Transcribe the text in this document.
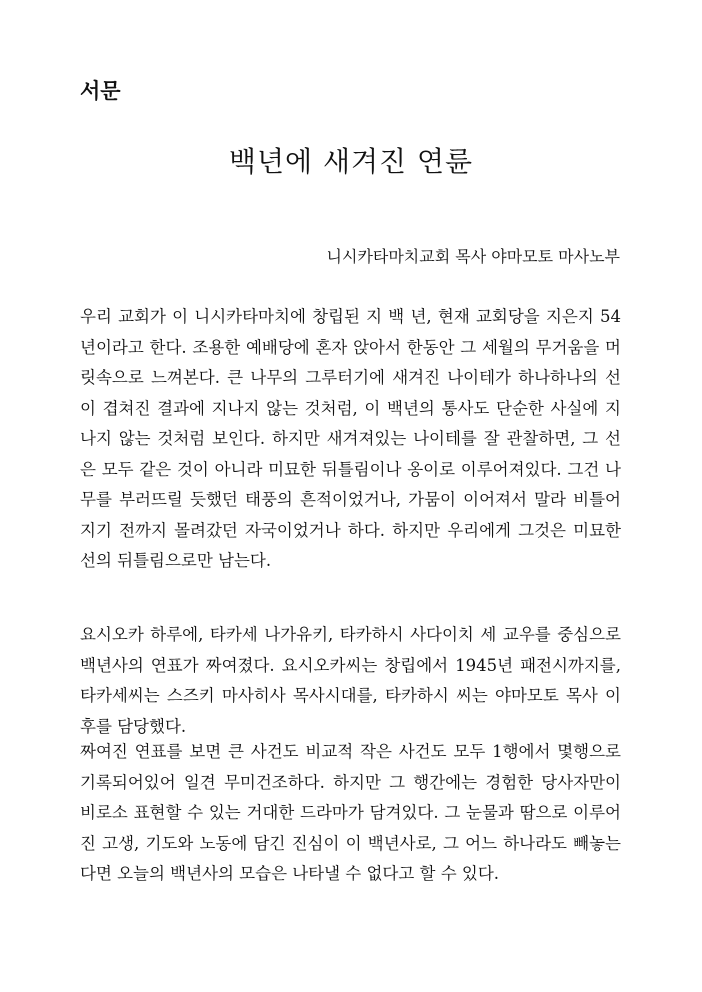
서문
백년에 새겨진 연륜

니시카타마치교회 목사 야마모토 마사노부

우리 교회가 이 니시카타마치에 창립된 지 백 년, 현재 교회당을 지은지 54년이라고 한다. 조용한 예배당에 혼자 앉아서 한동안 그 세월의 무거움을 머릿속으로 느껴본다. 큰 나무의 그루터기에 새겨진 나이테가 하나하나의 선이 겹쳐진 결과에 지나지 않는 것처럼, 이 백년의 통사도 단순한 사실에 지나지 않는 것처럼 보인다. 하지만 새겨져있는 나이테를 잘 관찰하면, 그 선은 모두 같은 것이 아니라 미묘한 뒤틀림이나 옹이로 이루어져있다. 그건 나무를 부러뜨릴 듯했던 태풍의 흔적이었거나, 가뭄이 이어져서 말라 비틀어지기 전까지 몰려갔던 자국이었거나 하다. 하지만 우리에게 그것은 미묘한 선의 뒤틀림으로만 남는다.

요시오카 하루에, 타카세 나가유키, 타카하시 사다이치 세 교우를 중심으로 백년사의 연표가 짜여졌다. 요시오카씨는 창립에서 1945년 패전시까지를, 타카세씨는 스즈키 마사히사 목사시대를, 타카하시 씨는 야마모토 목사 이후를 담당했다.

짜여진 연표를 보면 큰 사건도 비교적 작은 사건도 모두 1행에서 몇행으로 기록되어있어 일견 무미건조하다. 하지만 그 행간에는 경험한 당사자만이 비로소 표현할 수 있는 거대한 드라마가 담겨있다. 그 눈물과 땀으로 이루어진 고생, 기도와 노동에 담긴 진심이 이 백년사로, 그 어느 하나라도 빼놓는다면 오늘의 백년사의 모습은 나타낼 수 없다고 할 수 있다.
